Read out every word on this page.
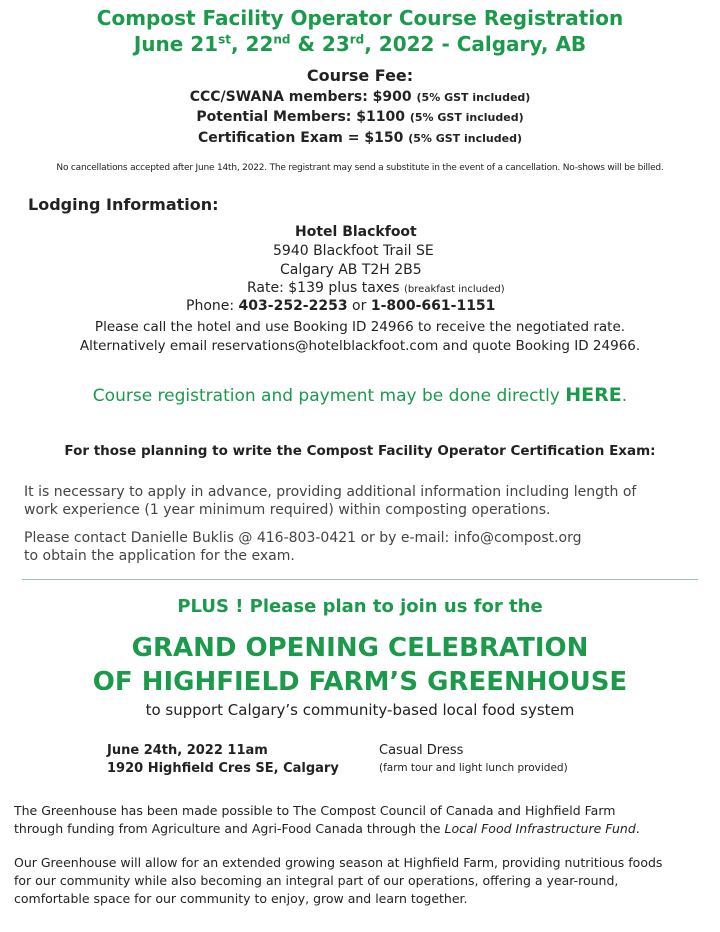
Compost Facility Operator Course Registration
June 21st, 22nd & 23rd, 2022 - Calgary, AB
Course Fee:
CCC/SWANA members: $900 (5% GST included)
Potential Members: $1100 (5% GST included)
Certification Exam = $150 (5% GST included)
No cancellations accepted after June 14th, 2022. The registrant may send a substitute in the event of a cancellation. No-shows will be billed.
Lodging Information:
Hotel Blackfoot
5940 Blackfoot Trail SE
Calgary AB T2H 2B5
Rate: $139 plus taxes (breakfast included)
Phone: 403-252-2253 or 1-800-661-1151
Please call the hotel and use Booking ID 24966 to receive the negotiated rate.
Alternatively email reservations@hotelblackfoot.com and quote Booking ID 24966.
Course registration and payment may be done directly HERE.
For those planning to write the Compost Facility Operator Certification Exam:
It is necessary to apply in advance, providing additional information including length of
work experience (1 year minimum required) within composting operations.
Please contact Danielle Buklis @ 416-803-0421 or by e-mail: info@compost.org
to obtain the application for the exam.
PLUS ! Please plan to join us for the
GRAND OPENING CELEBRATION
OF HIGHFIELD FARM’S GREENHOUSE
to support Calgary’s community-based local food system
June 24th, 2022 11am
1920 Highfield Cres SE, Calgary
Casual Dress
(farm tour and light lunch provided)
The Greenhouse has been made possible to The Compost Council of Canada and Highfield Farm
through funding from Agriculture and Agri-Food Canada through the Local Food Infrastructure Fund.
Our Greenhouse will allow for an extended growing season at Highfield Farm, providing nutritious foods
for our community while also becoming an integral part of our operations, offering a year-round,
comfortable space for our community to enjoy, grow and learn together.
